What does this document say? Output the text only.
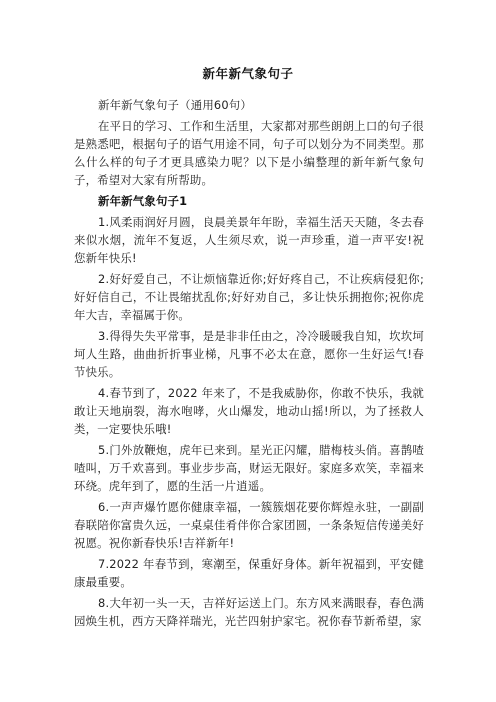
新年新气象句子

新年新气象句子（通用60句）

在平日的学习、工作和生活里，大家都对那些朗朗上口的句子很是熟悉吧，根据句子的语气用途不同，句子可以划分为不同类型。那么什么样的句子才更具感染力呢？以下是小编整理的新年新气象句子，希望对大家有所帮助。

新年新气象句子1

1.风柔雨润好月圆，良晨美景年年盼，幸福生活天天随，冬去春来似水烟，流年不复返，人生须尽欢，说一声珍重，道一声平安!祝您新年快乐!

2.好好爱自己，不让烦恼靠近你;好好疼自己，不让疾病侵犯你;好好信自己，不让畏缩扰乱你;好好劝自己，多让快乐拥抱你;祝你虎年大吉，幸福属于你。

3.得得失失平常事，是是非非任由之，冷冷暖暖我自知，坎坎坷坷人生路，曲曲折折事业梯，凡事不必太在意，愿你一生好运气!春节快乐。

4.春节到了，2022 年来了，不是我威胁你，你敢不快乐，我就敢让天地崩裂，海水咆哮，火山爆发，地动山摇!所以，为了拯救人类，一定要快乐哦!

5.门外放鞭炮，虎年已来到。星光正闪耀，腊梅枝头俏。喜鹊喳喳叫，万千欢喜到。事业步步高，财运无限好。家庭多欢笑，幸福来环绕。虎年到了，愿的生活一片逍遥。

6.一声声爆竹愿你健康幸福，一簇簇烟花要你辉煌永驻，一副副春联陪你富贵久远，一桌桌佳肴伴你合家团圆，一条条短信传递美好祝愿。祝你新春快乐!吉祥新年!

7.2022 年春节到，寒潮至，保重好身体。新年祝福到，平安健康最重要。

8.大年初一头一天，吉祥好运送上门。东方风来满眼春，春色满园焕生机，西方天降祥瑞光，光芒四射护家宅。祝你春节新希望，家
